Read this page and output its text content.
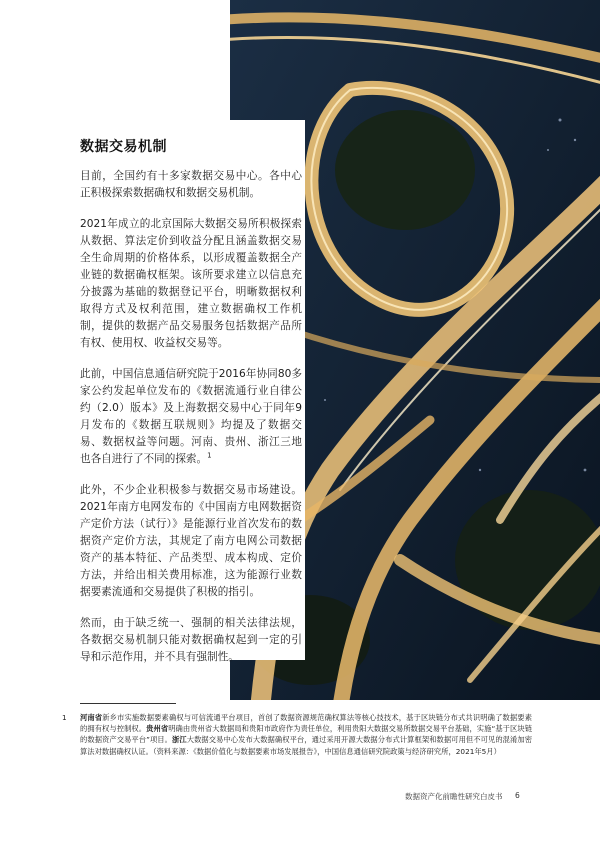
数据交易机制

目前，全国约有十多家数据交易中心。各中心正积极探索数据确权和数据交易机制。

2021年成立的北京国际大数据交易所积极探索从数据、算法定价到收益分配且涵盖数据交易全生命周期的价格体系，以形成覆盖数据全产业链的数据确权框架。该所要求建立以信息充分披露为基础的数据登记平台，明晰数据权利取得方式及权利范围，建立数据确权工作机制，提供的数据产品交易服务包括数据产品所有权、使用权、收益权交易等。

此前，中国信息通信研究院于2016年协同80多家公约发起单位发布的《数据流通行业自律公约（2.0）版本》及上海数据交易中心于同年9月发布的《数据互联规则》均提及了数据交易、数据权益等问题。河南、贵州、浙江三地也各自进行了不同的探索。$^1$

此外，不少企业积极参与数据交易市场建设。2021年南方电网发布的《中国南方电网数据资产定价方法（试行）》是能源行业首次发布的数据资产定价方法，其规定了南方电网公司数据资产的基本特征、产品类型、成本构成、定价方法，并给出相关费用标准，这为能源行业数据要素流通和交易提供了积极的指引。

然而，由于缺乏统一、强制的相关法律法规，各数据交易机制只能对数据确权起到一定的引导和示范作用，并不具有强制性。

1 河南省新乡市实施数据要素确权与可信流通平台项目，首创了数据资源规范确权算法等核心技技术，基于区块链分布式共识明确了数据要素的拥有权与控制权。贵州省明确由贵州省大数据局和贵阳市政府作为责任单位，利用贵阳大数据交易所数据交易平台基础，实施“基于区块链的数据资产交易平台”项目。浙江大数据交易中心发布大数据确权平台，通过采用开源大数据分布式计算框架和数据可用但不可见的混淆加密算法对数据确权认证。（资料来源：《数据价值化与数据要素市场发展报告》，中国信息通信研究院政策与经济研究所，2021年5月）
数据资产化前瞻性研究白皮书 6
